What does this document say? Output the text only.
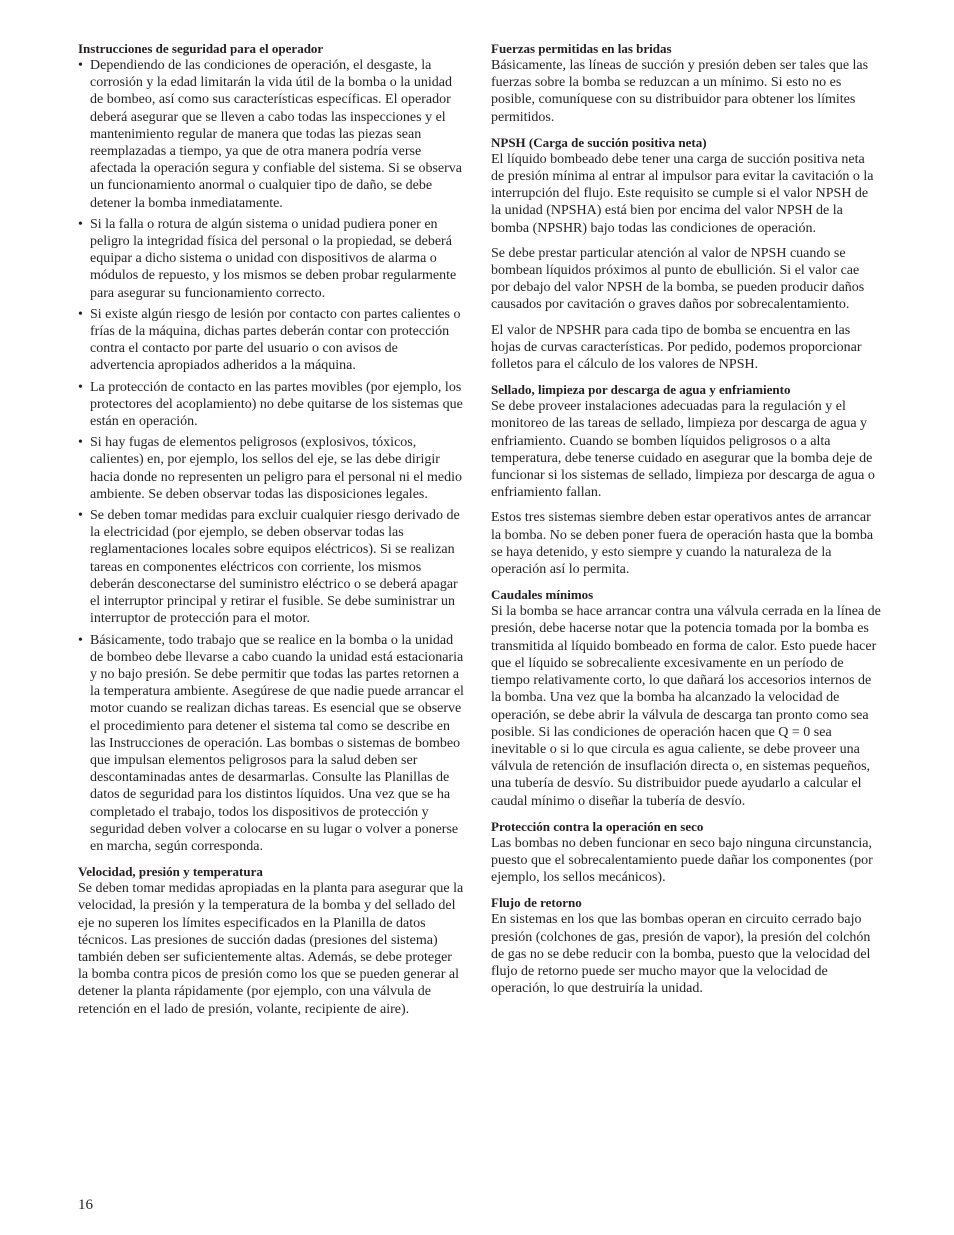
Instrucciones de seguridad para el operador

• Dependiendo de las condiciones de operación, el desgaste, la corrosión y la edad limitarán la vida útil de la bomba o la unidad de bombeo, así como sus características específicas. El operador deberá asegurar que se lleven a cabo todas las inspecciones y el mantenimiento regular de manera que todas las piezas sean reemplazadas a tiempo, ya que de otra manera podría verse afectada la operación segura y confiable del sistema. Si se observa un funcionamiento anormal o cualquier tipo de daño, se debe detener la bomba inmediatamente.
• Si la falla o rotura de algún sistema o unidad pudiera poner en peligro la integridad física del personal o la propiedad, se deberá equipar a dicho sistema o unidad con dispositivos de alarma o módulos de repuesto, y los mismos se deben probar regularmente para asegurar su funcionamiento correcto.
• Si existe algún riesgo de lesión por contacto con partes calientes o frías de la máquina, dichas partes deberán contar con protección contra el contacto por parte del usuario o con avisos de advertencia apropiados adheridos a la máquina.
• La protección de contacto en las partes movibles (por ejemplo, los protectores del acoplamiento) no debe quitarse de los sistemas que están en operación.
• Si hay fugas de elementos peligrosos (explosivos, tóxicos, calientes) en, por ejemplo, los sellos del eje, se las debe dirigir hacia donde no representen un peligro para el personal ni el medio ambiente. Se deben observar todas las disposiciones legales.
• Se deben tomar medidas para excluir cualquier riesgo derivado de la electricidad (por ejemplo, se deben observar todas las reglamentaciones locales sobre equipos eléctricos). Si se realizan tareas en componentes eléctricos con corriente, los mismos deberán desconectarse del suministro eléctrico o se deberá apagar el interruptor principal y retirar el fusible. Se debe suministrar un interruptor de protección para el motor.
• Básicamente, todo trabajo que se realice en la bomba o la unidad de bombeo debe llevarse a cabo cuando la unidad está estacionaria y no bajo presión. Se debe permitir que todas las partes retornen a la temperatura ambiente. Asegúrese de que nadie puede arrancar el motor cuando se realizan dichas tareas. Es esencial que se observe el procedimiento para detener el sistema tal como se describe en las Instrucciones de operación. Las bombas o sistemas de bombeo que impulsan elementos peligrosos para la salud deben ser descontaminadas antes de desarmarlas. Consulte las Planillas de datos de seguridad para los distintos líquidos. Una vez que se ha completado el trabajo, todos los dispositivos de protección y seguridad deben volver a colocarse en su lugar o volver a ponerse en marcha, según corresponda.

Velocidad, presión y temperatura

Se deben tomar medidas apropiadas en la planta para asegurar que la velocidad, la presión y la temperatura de la bomba y del sellado del eje no superen los límites especificados en la Planilla de datos técnicos. Las presiones de succión dadas (presiones del sistema) también deben ser suficientemente altas. Además, se debe proteger la bomba contra picos de presión como los que se pueden generar al detener la planta rápidamente (por ejemplo, con una válvula de retención en el lado de presión, volante, recipiente de aire).

Fuerzas permitidas en las bridas

Básicamente, las líneas de succión y presión deben ser tales que las fuerzas sobre la bomba se reduzcan a un mínimo. Si esto no es posible, comuníquese con su distribuidor para obtener los límites permitidos.

NPSH (Carga de succión positiva neta)

El líquido bombeado debe tener una carga de succión positiva neta de presión mínima al entrar al impulsor para evitar la cavitación o la interrupción del flujo. Este requisito se cumple si el valor NPSH de la unidad (NPSHA) está bien por encima del valor NPSH de la bomba (NPSHR) bajo todas las condiciones de operación.

Se debe prestar particular atención al valor de NPSH cuando se bombean líquidos próximos al punto de ebullición. Si el valor cae por debajo del valor NPSH de la bomba, se pueden producir daños causados por cavitación o graves daños por sobrecalentamiento.

El valor de NPSHR para cada tipo de bomba se encuentra en las hojas de curvas características. Por pedido, podemos proporcionar folletos para el cálculo de los valores de NPSH.

Sellado, limpieza por descarga de agua y enfriamiento

Se debe proveer instalaciones adecuadas para la regulación y el monitoreo de las tareas de sellado, limpieza por descarga de agua y enfriamiento. Cuando se bomben líquidos peligrosos o a alta temperatura, debe tenerse cuidado en asegurar que la bomba deje de funcionar si los sistemas de sellado, limpieza por descarga de agua o enfriamiento fallan.

Estos tres sistemas siembre deben estar operativos antes de arrancar la bomba. No se deben poner fuera de operación hasta que la bomba se haya detenido, y esto siempre y cuando la naturaleza de la operación así lo permita.

Caudales mínimos

Si la bomba se hace arrancar contra una válvula cerrada en la línea de presión, debe hacerse notar que la potencia tomada por la bomba es transmitida al líquido bombeado en forma de calor. Esto puede hacer que el líquido se sobrecaliente excesivamente en un período de tiempo relativamente corto, lo que dañará los accesorios internos de la bomba. Una vez que la bomba ha alcanzado la velocidad de operación, se debe abrir la válvula de descarga tan pronto como sea posible. Si las condiciones de operación hacen que Q = 0 sea inevitable o si lo que circula es agua caliente, se debe proveer una válvula de retención de insuflación directa o, en sistemas pequeños, una tubería de desvío. Su distribuidor puede ayudarlo a calcular el caudal mínimo o diseñar la tubería de desvío.

Protección contra la operación en seco

Las bombas no deben funcionar en seco bajo ninguna circunstancia, puesto que el sobrecalentamiento puede dañar los componentes (por ejemplo, los sellos mecánicos).

Flujo de retorno

En sistemas en los que las bombas operan en circuito cerrado bajo presión (colchones de gas, presión de vapor), la presión del colchón de gas no se debe reducir con la bomba, puesto que la velocidad del flujo de retorno puede ser mucho mayor que la velocidad de operación, lo que destruiría la unidad.

16
